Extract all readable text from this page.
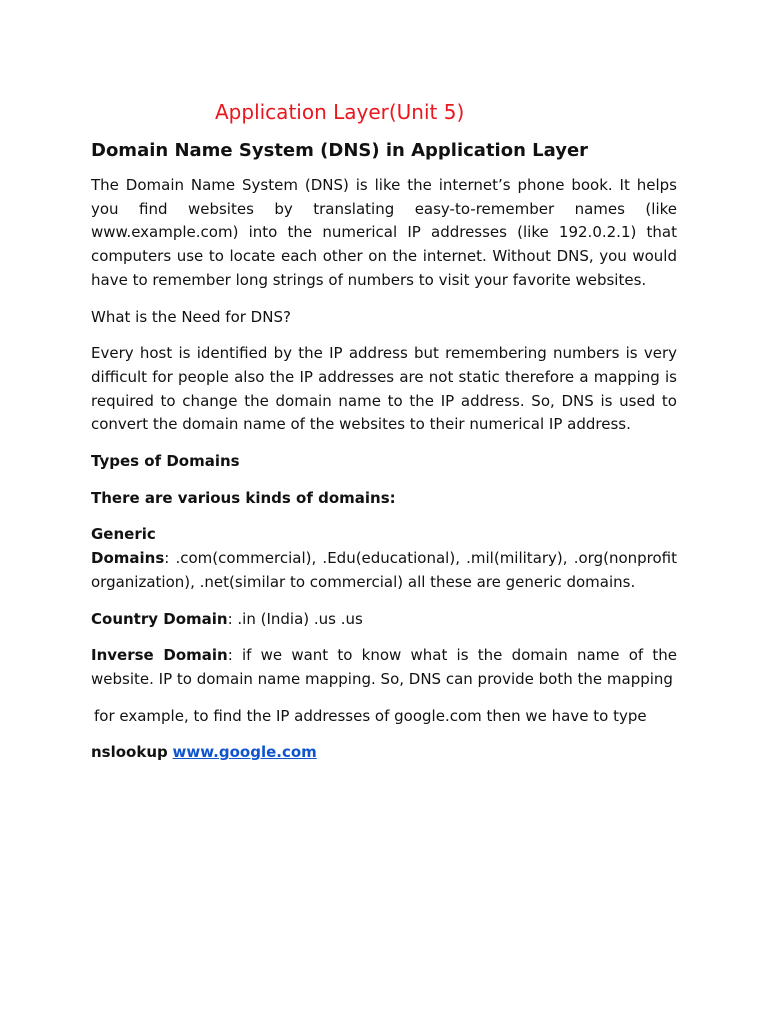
Application Layer(Unit 5)
Domain Name System (DNS) in Application Layer

The Domain Name System (DNS) is like the internet’s phone book. It helps you find websites by translating easy-to-remember names (like www.example.com) into the numerical IP addresses (like 192.0.2.1) that computers use to locate each other on the internet. Without DNS, you would have to remember long strings of numbers to visit your favorite websites.

What is the Need for DNS?

Every host is identified by the IP address but remembering numbers is very difficult for people also the IP addresses are not static therefore a mapping is required to change the domain name to the IP address. So, DNS is used to convert the domain name of the websites to their numerical IP address.

Types of Domains

There are various kinds of domains:

Generic
Domains: .com(commercial), .Edu(educational), .mil(military), .org(nonprofit organization), .net(similar to commercial) all these are generic domains.

Country Domain: .in (India) .us .us

Inverse Domain: if we want to know what is the domain name of the website. IP to domain name mapping. So, DNS can provide both the mapping

for example, to find the IP addresses of google.com then we have to type

nslookup www.google.com
